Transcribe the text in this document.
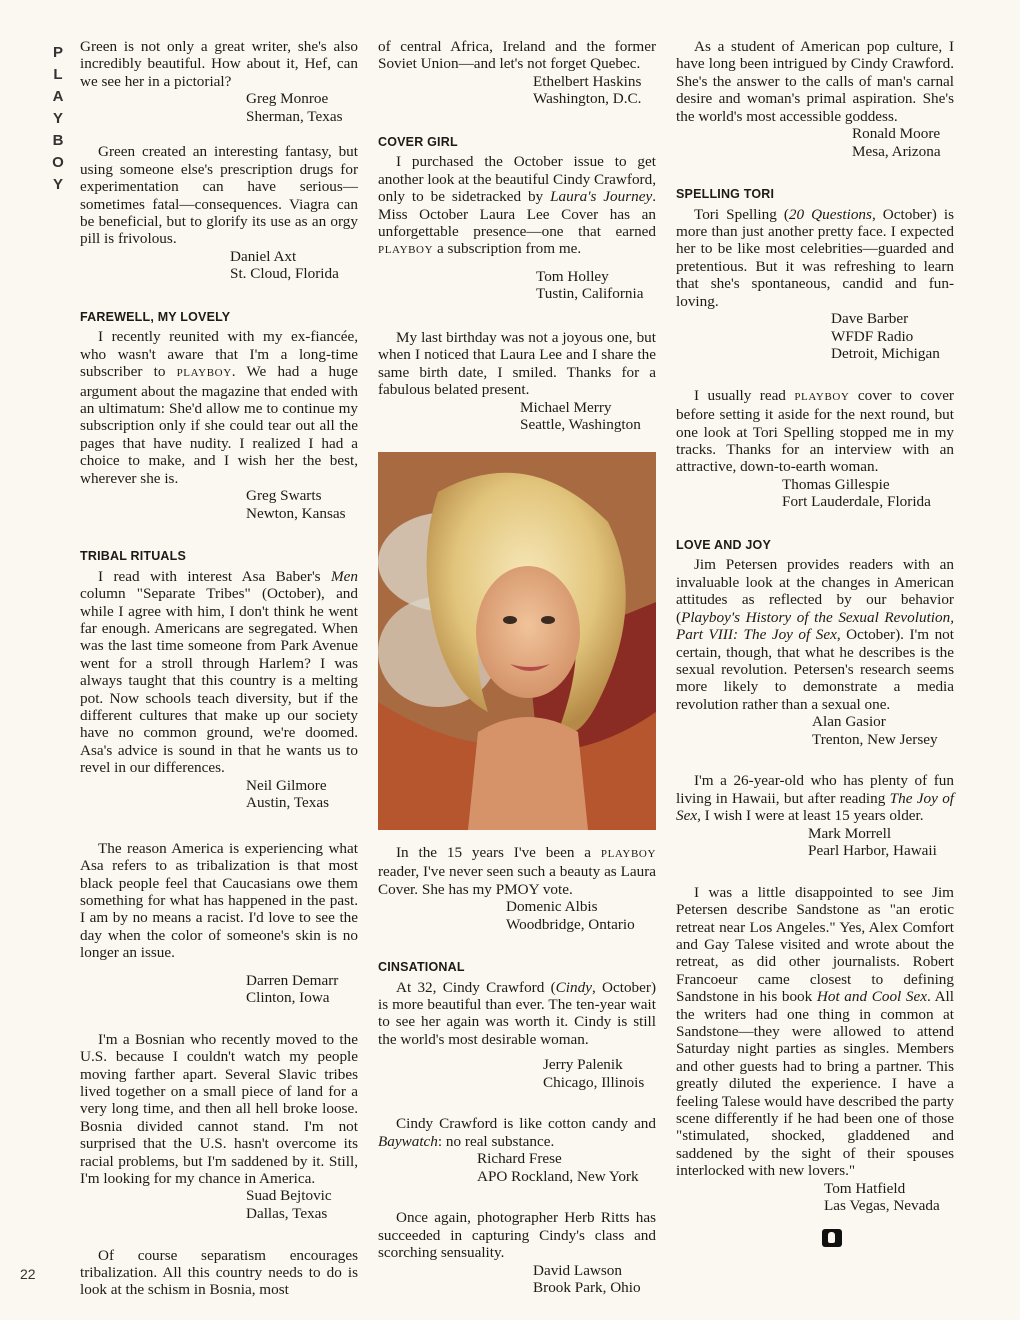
P
L
A
Y
B
O
Y
22

Green is not only a great writer, she's also incredibly beautiful. How about it, Hef, can we see her in a pictorial?

Greg Monroe
Sherman, Texas

Green created an interesting fantasy, but using someone else's prescription drugs for experimentation can have serious—sometimes fatal—consequences. Viagra can be beneficial, but to glorify its use as an orgy pill is frivolous.

Daniel Axt
St. Cloud, Florida
FAREWELL, MY LOVELY

I recently reunited with my ex-fiancée, who wasn't aware that I'm a long-time subscriber to PLAYBOY. We had a huge argument about the magazine that ended with an ultimatum: She'd allow me to continue my subscription only if she could tear out all the pages that have nudity. I realized I had a choice to make, and I wish her the best, wherever she is.

Greg Swarts
Newton, Kansas
TRIBAL RITUALS

I read with interest Asa Baber's Men column "Separate Tribes" (October), and while I agree with him, I don't think he went far enough. Americans are segregated. When was the last time someone from Park Avenue went for a stroll through Harlem? I was always taught that this country is a melting pot. Now schools teach diversity, but if the different cultures that make up our society have no common ground, we're doomed. Asa's advice is sound in that he wants us to revel in our differences.

Neil Gilmore
Austin, Texas

The reason America is experiencing what Asa refers to as tribalization is that most black people feel that Caucasians owe them something for what has happened in the past. I am by no means a racist. I'd love to see the day when the color of someone's skin is no longer an issue.

Darren Demarr
Clinton, Iowa

I'm a Bosnian who recently moved to the U.S. because I couldn't watch my people moving farther apart. Several Slavic tribes lived together on a small piece of land for a very long time, and then all hell broke loose. Bosnia divided cannot stand. I'm not surprised that the U.S. hasn't overcome its racial problems, but I'm saddened by it. Still, I'm looking for my chance in America.

Suad Bejtovic
Dallas, Texas

Of course separatism encourages tribalization. All this country needs to do is look at the schism in Bosnia, most

of central Africa, Ireland and the former Soviet Union—and let's not forget Quebec.

Ethelbert Haskins
Washington, D.C.
COVER GIRL

I purchased the October issue to get another look at the beautiful Cindy Crawford, only to be sidetracked by Laura's Journey. Miss October Laura Lee Cover has an unforgettable presence—one that earned PLAYBOY a subscription from me.

Tom Holley
Tustin, California

My last birthday was not a joyous one, but when I noticed that Laura Lee and I share the same birth date, I smiled. Thanks for a fabulous belated present.

Michael Merry
Seattle, Washington

In the 15 years I've been a PLAYBOY reader, I've never seen such a beauty as Laura Cover. She has my PMOY vote.

Domenic Albis
Woodbridge, Ontario
CINSATIONAL

At 32, Cindy Crawford (Cindy, October) is more beautiful than ever. The ten-year wait to see her again was worth it. Cindy is still the world's most desirable woman.

Jerry Palenik
Chicago, Illinois

Cindy Crawford is like cotton candy and Baywatch: no real substance.

Richard Frese
APO Rockland, New York

Once again, photographer Herb Ritts has succeeded in capturing Cindy's class and scorching sensuality.

David Lawson
Brook Park, Ohio

As a student of American pop culture, I have long been intrigued by Cindy Crawford. She's the answer to the calls of man's carnal desire and woman's primal aspiration. She's the world's most accessible goddess.

Ronald Moore
Mesa, Arizona
SPELLING TORI

Tori Spelling (20 Questions, October) is more than just another pretty face. I expected her to be like most celebrities—guarded and pretentious. But it was refreshing to learn that she's spontaneous, candid and fun-loving.

Dave Barber
WFDF Radio
Detroit, Michigan

I usually read PLAYBOY cover to cover before setting it aside for the next round, but one look at Tori Spelling stopped me in my tracks. Thanks for an interview with an attractive, down-to-earth woman.

Thomas Gillespie
Fort Lauderdale, Florida
LOVE AND JOY

Jim Petersen provides readers with an invaluable look at the changes in American attitudes as reflected by our behavior (Playboy's History of the Sexual Revolution, Part VIII: The Joy of Sex, October). I'm not certain, though, that what he describes is the sexual revolution. Petersen's research seems more likely to demonstrate a media revolution rather than a sexual one.

Alan Gasior
Trenton, New Jersey

I'm a 26-year-old who has plenty of fun living in Hawaii, but after reading The Joy of Sex, I wish I were at least 15 years older.

Mark Morrell
Pearl Harbor, Hawaii

I was a little disappointed to see Jim Petersen describe Sandstone as "an erotic retreat near Los Angeles." Yes, Alex Comfort and Gay Talese visited and wrote about the retreat, as did other journalists. Robert Francoeur came closest to defining Sandstone in his book Hot and Cool Sex. All the writers had one thing in common at Sandstone—they were allowed to attend Saturday night parties as singles. Members and other guests had to bring a partner. This greatly diluted the experience. I have a feeling Talese would have described the party scene differently if he had been one of those "stimulated, shocked, gladdened and saddened by the sight of their spouses interlocked with new lovers."

Tom Hatfield
Las Vegas, Nevada
